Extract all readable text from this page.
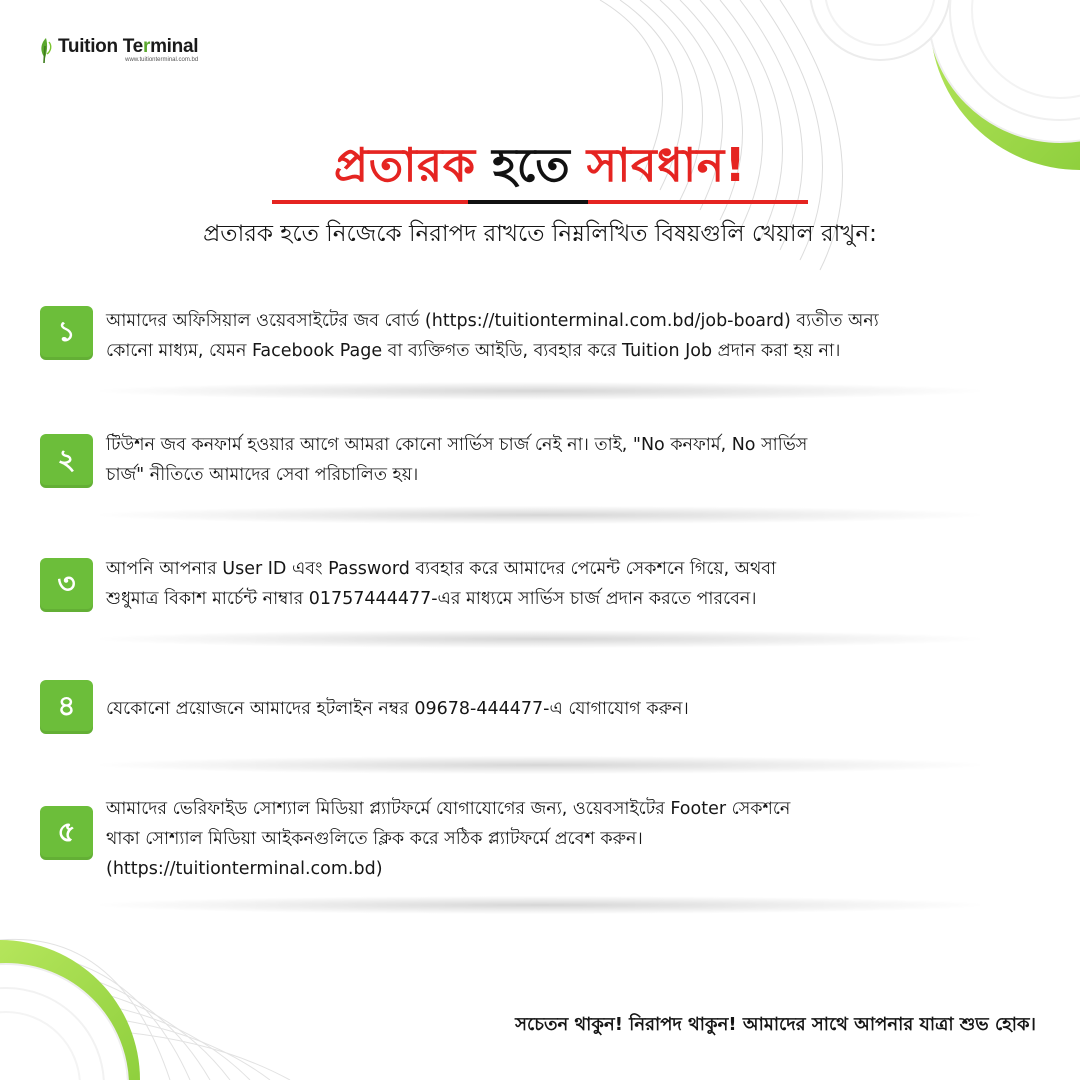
Tuition Terminal
www.tuitionterminal.com.bd
প্রতারক হতে সাবধান!
প্রতারক হতে নিজেকে নিরাপদ রাখতে নিম্নলিখিত বিষয়গুলি খেয়াল রাখুন:
১	আমাদের অফিসিয়াল ওয়েবসাইটের জব বোর্ড (https://tuitionterminal.com.bd/job-board) ব্যতীত অন্য
কোনো মাধ্যম, যেমন Facebook Page বা ব্যক্তিগত আইডি, ব্যবহার করে Tuition Job প্রদান করা হয় না।
২	টিউশন জব কনফার্ম হওয়ার আগে আমরা কোনো সার্ভিস চার্জ নেই না। তাই, "No কনফার্ম, No সার্ভিস
চার্জ" নীতিতে আমাদের সেবা পরিচালিত হয়।
৩	আপনি আপনার User ID এবং Password ব্যবহার করে আমাদের পেমেন্ট সেকশনে গিয়ে, অথবা
শুধুমাত্র বিকাশ মার্চেন্ট নাম্বার 01757444477-এর মাধ্যমে সার্ভিস চার্জ প্রদান করতে পারবেন।
৪	যেকোনো প্রয়োজনে আমাদের হটলাইন নম্বর 09678-444477-এ যোগাযোগ করুন।
৫
আমাদের ভেরিফাইড সোশ্যাল মিডিয়া প্ল্যাটফর্মে যোগাযোগের জন্য, ওয়েবসাইটের Footer সেকশনে
থাকা সোশ্যাল মিডিয়া আইকনগুলিতে ক্লিক করে সঠিক প্ল্যাটফর্মে প্রবেশ করুন।
(https://tuitionterminal.com.bd)
সচেতন থাকুন! নিরাপদ থাকুন! আমাদের সাথে আপনার যাত্রা শুভ হোক।
